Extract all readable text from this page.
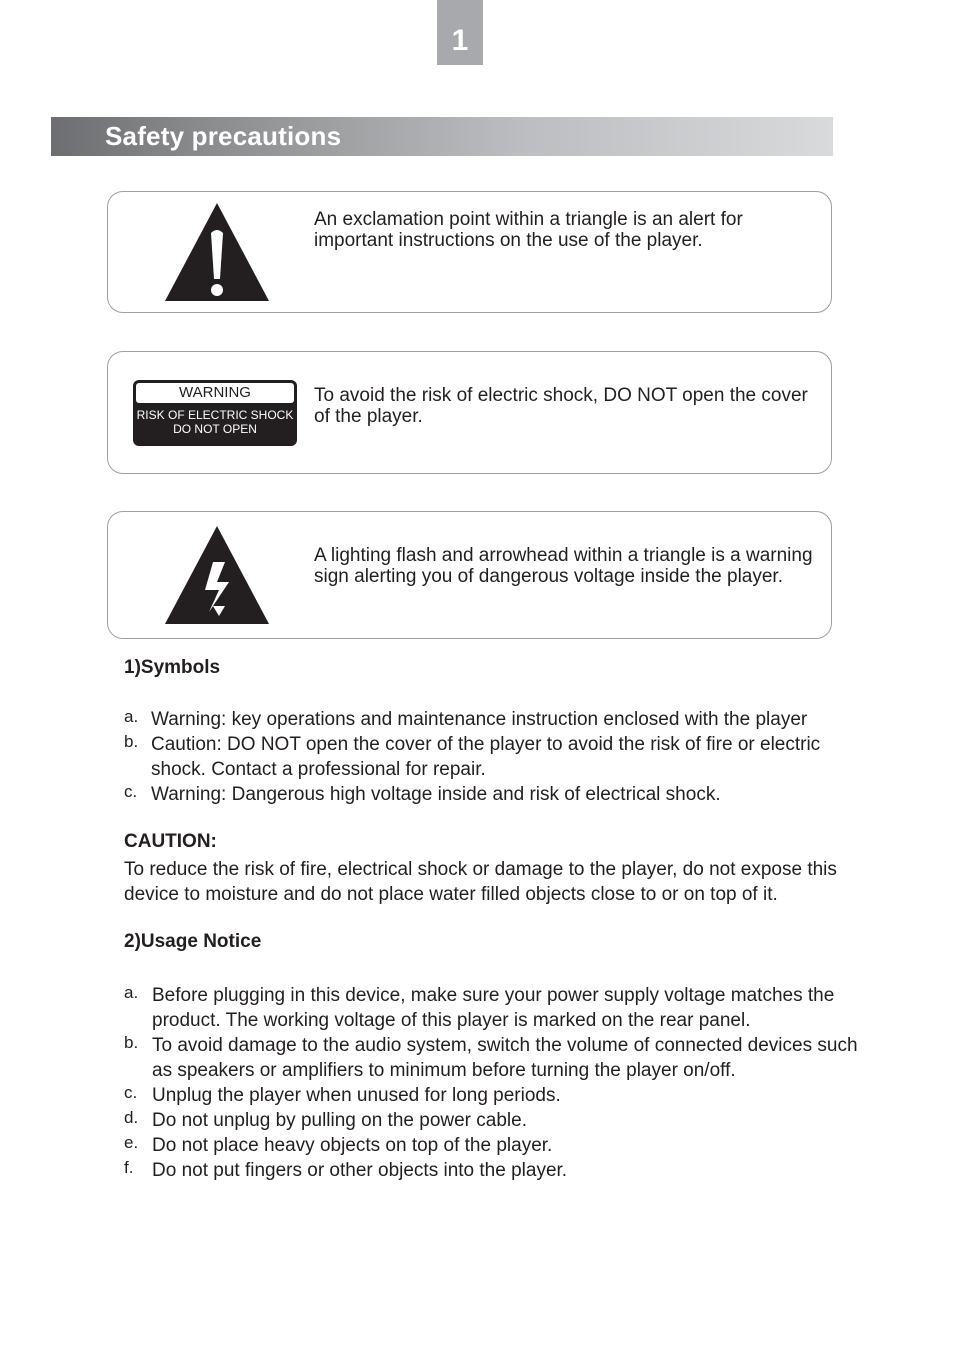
1
Safety precautions
An exclamation point within a triangle is an alert for important instructions on the use of the player.
WARNING
RISK OF ELECTRIC SHOCK
DO NOT OPEN
To avoid the risk of electric shock, DO NOT open the cover of the player.
A lighting flash and arrowhead within a triangle is a warning sign alerting you of dangerous voltage inside the player.
1)Symbols
a. Warning: key operations and maintenance instruction enclosed with the player
b. Caution: DO NOT open the cover of the player to avoid the risk of fire or electric shock. Contact a professional for repair.
c. Warning: Dangerous high voltage inside and risk of electrical shock.
CAUTION:
To reduce the risk of fire, electrical shock or damage to the player, do not expose this device to moisture and do not place water filled objects close to or on top of it.
2)Usage Notice
a. Before plugging in this device, make sure your power supply voltage matches the product. The working voltage of this player is marked on the rear panel.
b. To avoid damage to the audio system, switch the volume of connected devices such as speakers or amplifiers to minimum before turning the player on/off.
c. Unplug the player when unused for long periods.
d. Do not unplug by pulling on the power cable.
e. Do not place heavy objects on top of the player.
f. Do not put fingers or other objects into the player.
